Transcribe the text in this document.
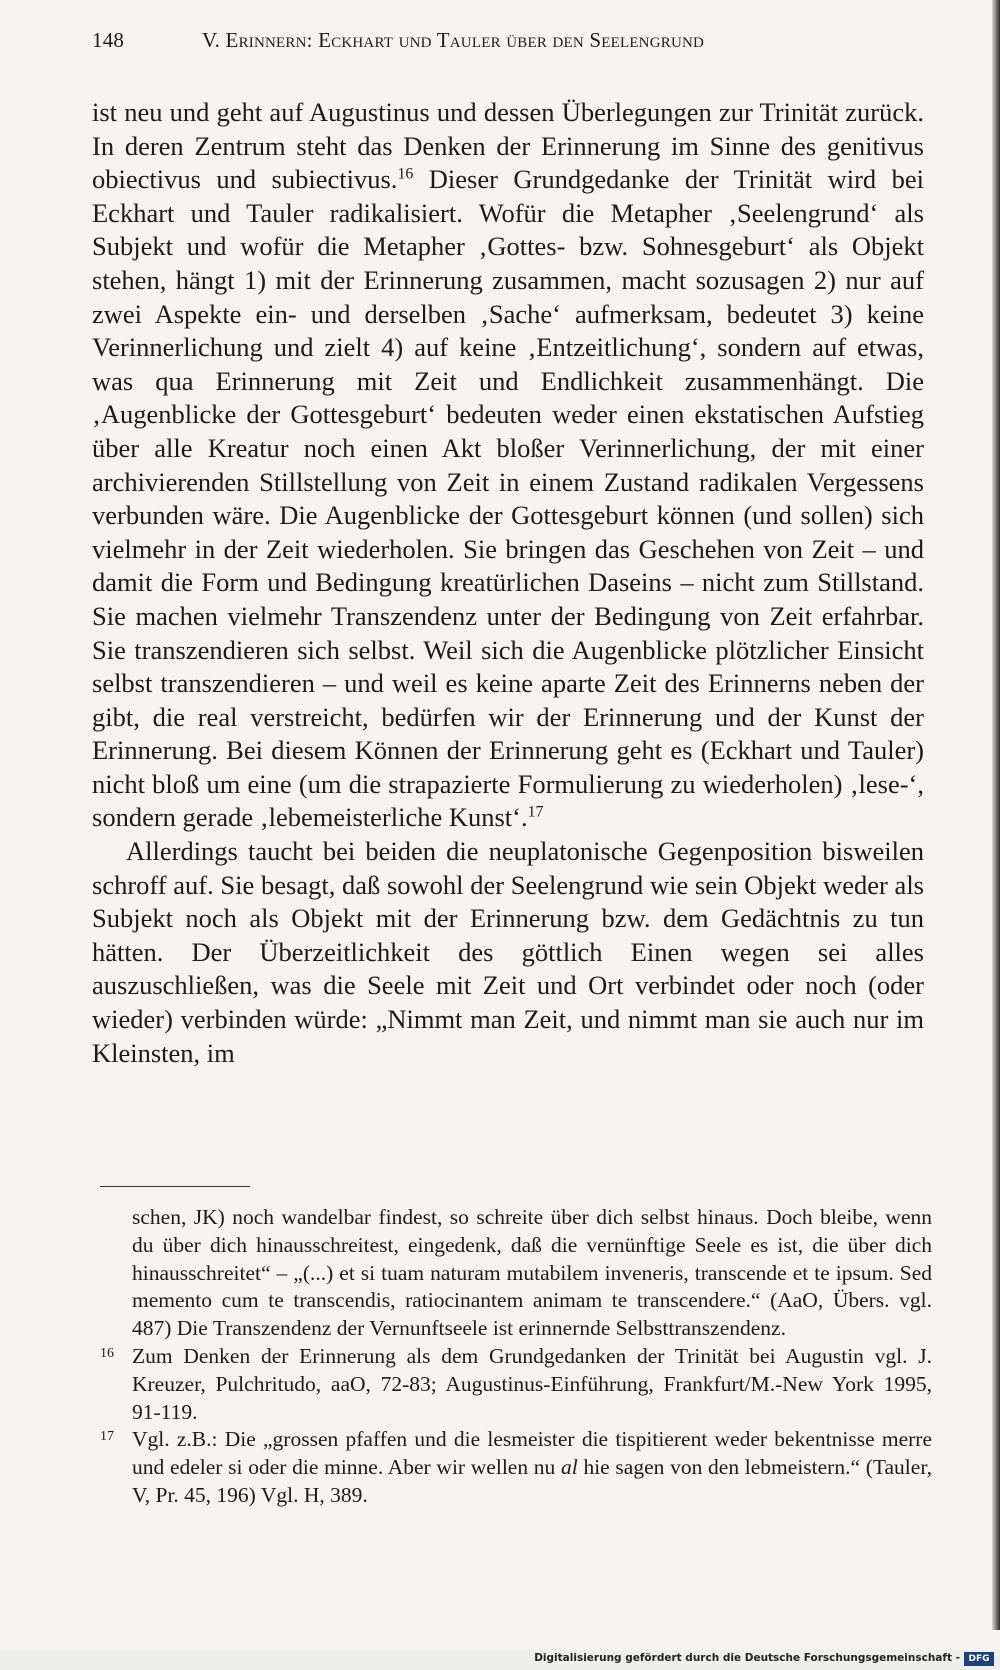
148	V. Erinnern: Eckhart und Tauler über den Seelengrund

ist neu und geht auf Augustinus und dessen Überlegungen zur Trinität zurück. In deren Zentrum steht das Denken der Erinnerung im Sinne des genitivus obiectivus und subiectivus.$^{16}$ Dieser Grundgedanke der Trinität wird bei Eckhart und Tauler radikalisiert. Wofür die Metapher ‚Seelengrund‘ als Subjekt und wofür die Metapher ‚Gottes- bzw. Sohnesgeburt‘ als Objekt stehen, hängt 1) mit der Erinnerung zusammen, macht sozusagen 2) nur auf zwei Aspekte ein- und derselben ‚Sache‘ aufmerksam, bedeutet 3) keine Verinnerlichung und zielt 4) auf keine ‚Entzeitlichung‘, sondern auf etwas, was qua Erinnerung mit Zeit und Endlichkeit zusammenhängt. Die ‚Augenblicke der Gottesgeburt‘ bedeuten weder einen ekstatischen Aufstieg über alle Kreatur noch einen Akt bloßer Verinnerlichung, der mit einer archivierenden Stillstellung von Zeit in einem Zustand radikalen Vergessens verbunden wäre. Die Augenblicke der Gottesgeburt können (und sollen) sich vielmehr in der Zeit wiederholen. Sie bringen das Geschehen von Zeit – und damit die Form und Bedingung kreatürlichen Daseins – nicht zum Stillstand. Sie machen vielmehr Transzendenz unter der Bedingung von Zeit erfahrbar. Sie transzendieren sich selbst. Weil sich die Augenblicke plötzlicher Einsicht selbst transzendieren – und weil es keine aparte Zeit des Erinnerns neben der gibt, die real verstreicht, bedürfen wir der Erinnerung und der Kunst der Erinnerung. Bei diesem Können der Erinnerung geht es (Eckhart und Tauler) nicht bloß um eine (um die strapazierte Formulierung zu wiederholen) ‚lese-‘, sondern gerade ‚lebemeisterliche Kunst‘.$^{17}$

Allerdings taucht bei beiden die neuplatonische Gegenposition bisweilen schroff auf. Sie besagt, daß sowohl der Seelengrund wie sein Objekt weder als Subjekt noch als Objekt mit der Erinnerung bzw. dem Gedächtnis zu tun hätten. Der Überzeitlichkeit des göttlich Einen wegen sei alles auszuschließen, was die Seele mit Zeit und Ort verbindet oder noch (oder wieder) verbinden würde: „Nimmt man Zeit, und nimmt man sie auch nur im Kleinsten, im

schen, JK) noch wandelbar findest, so schreite über dich selbst hinaus. Doch bleibe, wenn du über dich hinausschreitest, eingedenk, daß die vernünftige Seele es ist, die über dich hinausschreitet“ – „(...) et si tuam naturam mutabilem inveneris, transcende et te ipsum. Sed memento cum te transcendis, ratiocinantem animam te transcendere.“ (AaO, Übers. vgl. 487) Die Transzendenz der Vernunftseele ist erinnernde Selbsttranszendenz.

16 Zum Denken der Erinnerung als dem Grundgedanken der Trinität bei Augustin vgl. J. Kreuzer, Pulchritudo, aaO, 72-83; Augustinus-Einführung, Frankfurt/M.-New York 1995, 91-119.

17 Vgl. z.B.: Die „grossen pfaffen und die lesmeister die tispitierent weder bekentnisse merre und edeler si oder die minne. Aber wir wellen nu al hie sagen von den lebmeistern.“ (Tauler, V, Pr. 45, 196) Vgl. H, 389.

Digitalisierung gefördert durch die Deutsche Forschungsgemeinschaft - DFG
